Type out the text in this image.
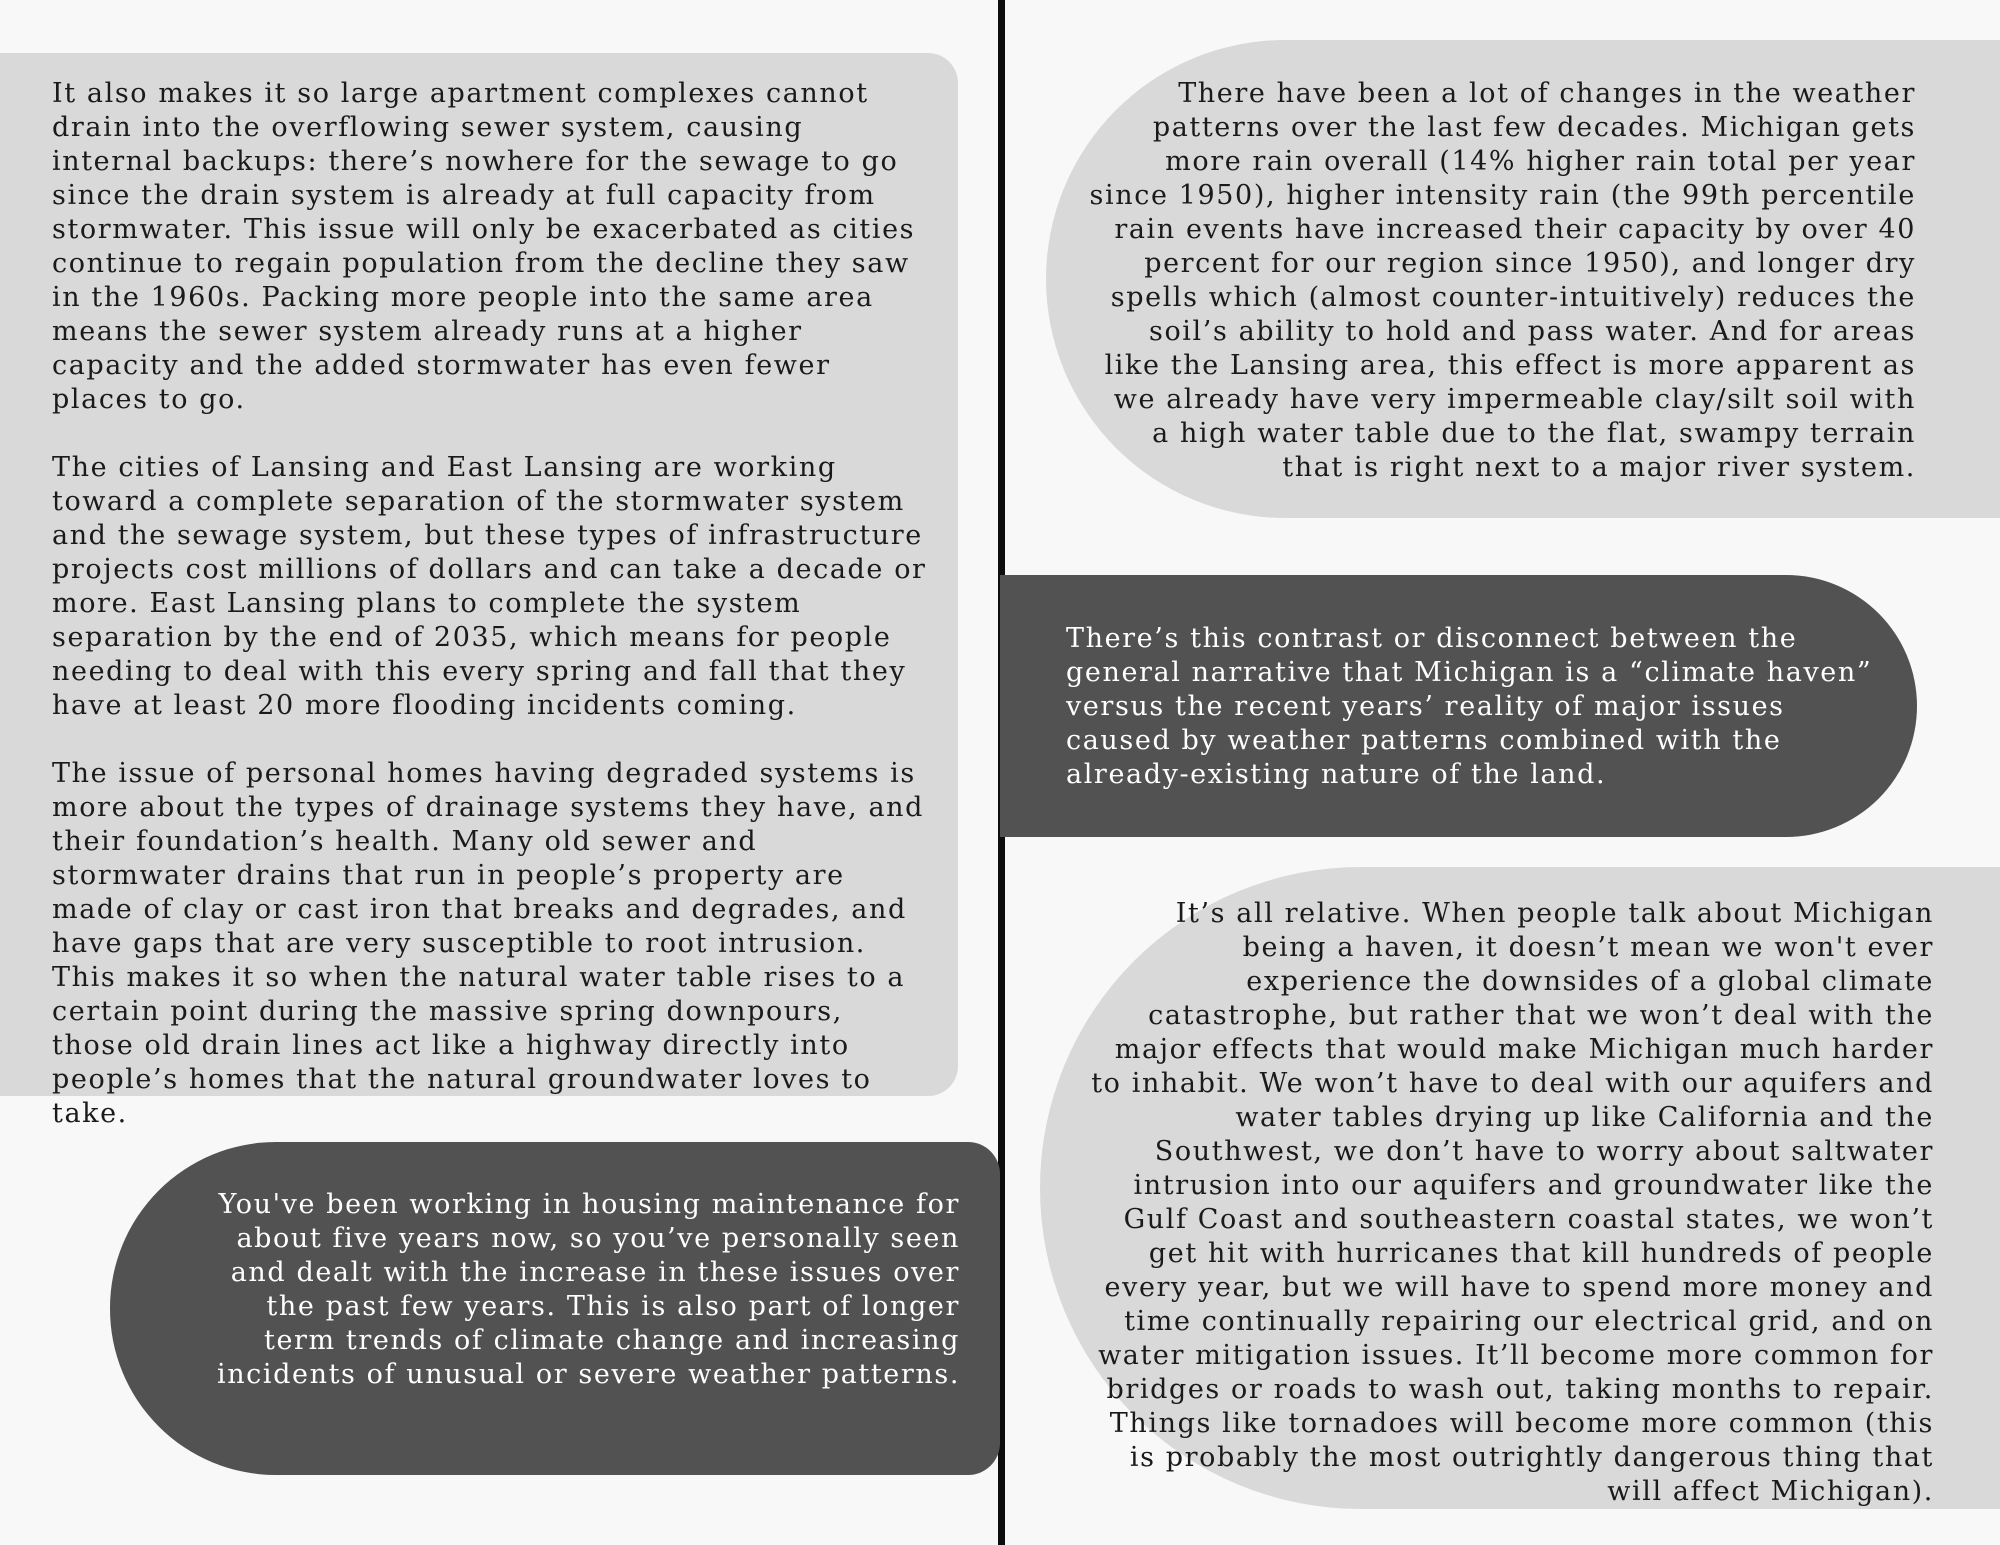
It also makes it so large apartment complexes cannot drain into the overflowing sewer system, causing internal backups: there’s nowhere for the sewage to go since the drain system is already at full capacity from stormwater. This issue will only be exacerbated as cities continue to regain population from the decline they saw in the 1960s. Packing more people into the same area means the sewer system already runs at a higher capacity and the added stormwater has even fewer places to go.

The cities of Lansing and East Lansing are working toward a complete separation of the stormwater system and the sewage system, but these types of infrastructure projects cost millions of dollars and can take a decade or more. East Lansing plans to complete the system separation by the end of 2035, which means for people needing to deal with this every spring and fall that they have at least 20 more flooding incidents coming.

The issue of personal homes having degraded systems is more about the types of drainage systems they have, and their foundation’s health. Many old sewer and stormwater drains that run in people’s property are made of clay or cast iron that breaks and degrades, and have gaps that are very susceptible to root intrusion. This makes it so when the natural water table rises to a certain point during the massive spring downpours, those old drain lines act like a highway directly into people’s homes that the natural groundwater loves to take.

You've been working in housing maintenance for about five years now, so you’ve personally seen and dealt with the increase in these issues over the past few years. This is also part of longer term trends of climate change and increasing incidents of unusual or severe weather patterns.

There have been a lot of changes in the weather patterns over the last few decades. Michigan gets more rain overall (14% higher rain total per year since 1950), higher intensity rain (the 99th percentile rain events have increased their capacity by over 40 percent for our region since 1950), and longer dry spells which (almost counter-intuitively) reduces the soil’s ability to hold and pass water. And for areas like the Lansing area, this effect is more apparent as we already have very impermeable clay/silt soil with a high water table due to the flat, swampy terrain that is right next to a major river system.

There’s this contrast or disconnect between the general narrative that Michigan is a “climate haven” versus the recent years’ reality of major issues caused by weather patterns combined with the already-existing nature of the land.

It’s all relative. When people talk about Michigan being a haven, it doesn’t mean we won't ever experience the downsides of a global climate catastrophe, but rather that we won’t deal with the major effects that would make Michigan much harder to inhabit. We won’t have to deal with our aquifers and water tables drying up like California and the Southwest, we don’t have to worry about saltwater intrusion into our aquifers and groundwater like the Gulf Coast and southeastern coastal states, we won’t get hit with hurricanes that kill hundreds of people every year, but we will have to spend more money and time continually repairing our electrical grid, and on water mitigation issues. It’ll become more common for bridges or roads to wash out, taking months to repair. Things like tornadoes will become more common (this is probably the most outrightly dangerous thing that will affect Michigan).
